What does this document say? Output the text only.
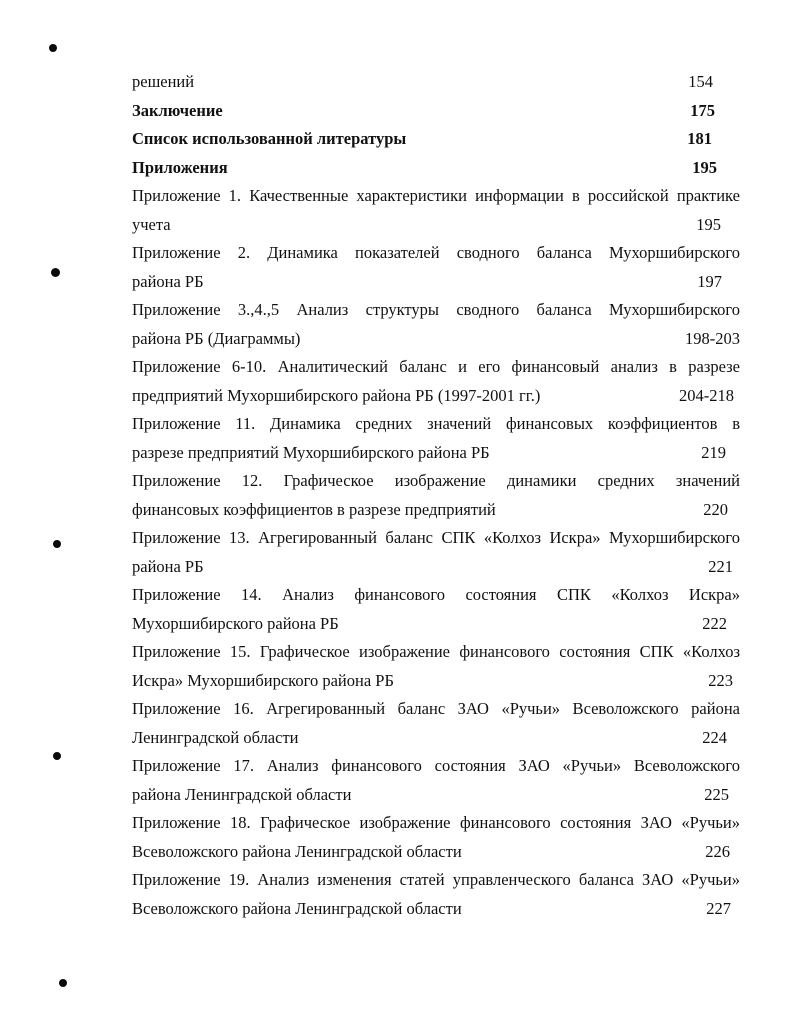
решений	154
Заключение	175
Список использованной литературы	181
Приложения	195
Приложение 1. Качественные характеристики информации в российской практике
учета	195
Приложение 2. Динамика показателей сводного баланса Мухоршибирского
района РБ	197
Приложение 3.,4.,5 Анализ структуры сводного баланса Мухоршибирского
района РБ (Диаграммы)	198-203
Приложение 6-10. Аналитический баланс и его финансовый анализ в разрезе
предприятий Мухоршибирского района РБ (1997-2001 гг.)	204-218
Приложение 11. Динамика средних значений финансовых коэффициентов в
разрезе предприятий Мухоршибирского района РБ	219
Приложение 12. Графическое изображение динамики средних значений
финансовых коэффициентов в разрезе предприятий	220
Приложение 13. Агрегированный баланс СПК «Колхоз Искра» Мухоршибирского
района РБ	221
Приложение 14. Анализ финансового состояния СПК «Колхоз Искра»
Мухоршибирского района РБ	222
Приложение 15. Графическое изображение финансового состояния СПК «Колхоз
Искра» Мухоршибирского района РБ	223
Приложение 16. Агрегированный баланс ЗАО «Ручьи» Всеволожского района
Ленинградской области	224
Приложение 17. Анализ финансового состояния ЗАО «Ручьи» Всеволожского
района Ленинградской области	225
Приложение 18. Графическое изображение финансового состояния ЗАО «Ручьи»
Всеволожского района Ленинградской области	226
Приложение 19. Анализ изменения статей управленческого баланса ЗАО «Ручьи»
Всеволожского района Ленинградской области	227
